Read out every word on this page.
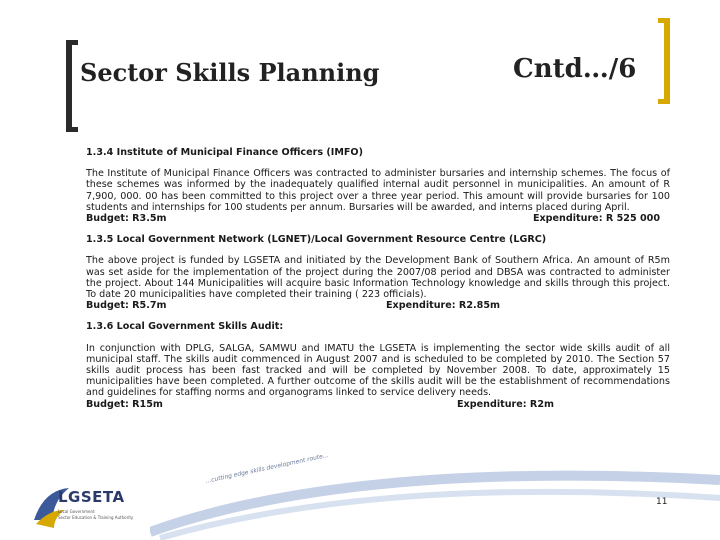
Sector Skills Planning	Cntd…/6
1.3.4 Institute of Municipal Finance Officers (IMFO)
The Institute of Municipal Finance Officers was contracted to administer bursaries and internship schemes. The focus of these schemes was informed by the inadequately qualified internal audit personnel in municipalities. An amount of R 7,900, 000. 00 has been committed to this project over a three year period. This amount will provide bursaries for 100 students and internships for 100 students per annum. Bursaries will be awarded, and interns placed during April.
Budget: R3.5m	Expenditure: R 525 000
1.3.5 Local Government Network (LGNET)/Local Government Resource Centre (LGRC)
The above project is funded by LGSETA and initiated by the Development Bank of Southern Africa. An amount of R5m was set aside for the implementation of the project during the 2007/08 period and DBSA was contracted to administer the project. About 144 Municipalities will acquire basic Information Technology knowledge and skills through this project. To date 20 municipalities have completed their training ( 223 officials).
Budget: R5.7m	Expenditure: R2.85m
1.3.6 Local Government Skills Audit:
In conjunction with DPLG, SALGA, SAMWU and IMATU the LGSETA is implementing the sector wide skills audit of all municipal staff. The skills audit commenced in August 2007 and is scheduled to be completed by 2010. The Section 57 skills audit process has been fast tracked and will be completed by November 2008. To date, approximately 15 municipalities have been completed. A further outcome of the skills audit will be the establishment of recommendations and guidelines for staffing norms and organograms linked to service delivery needs.
Budget: R15m	Expenditure: R2m
LGSETA
Local Government
Sector Education & Training Authority
...cutting edge skills development route...
11
